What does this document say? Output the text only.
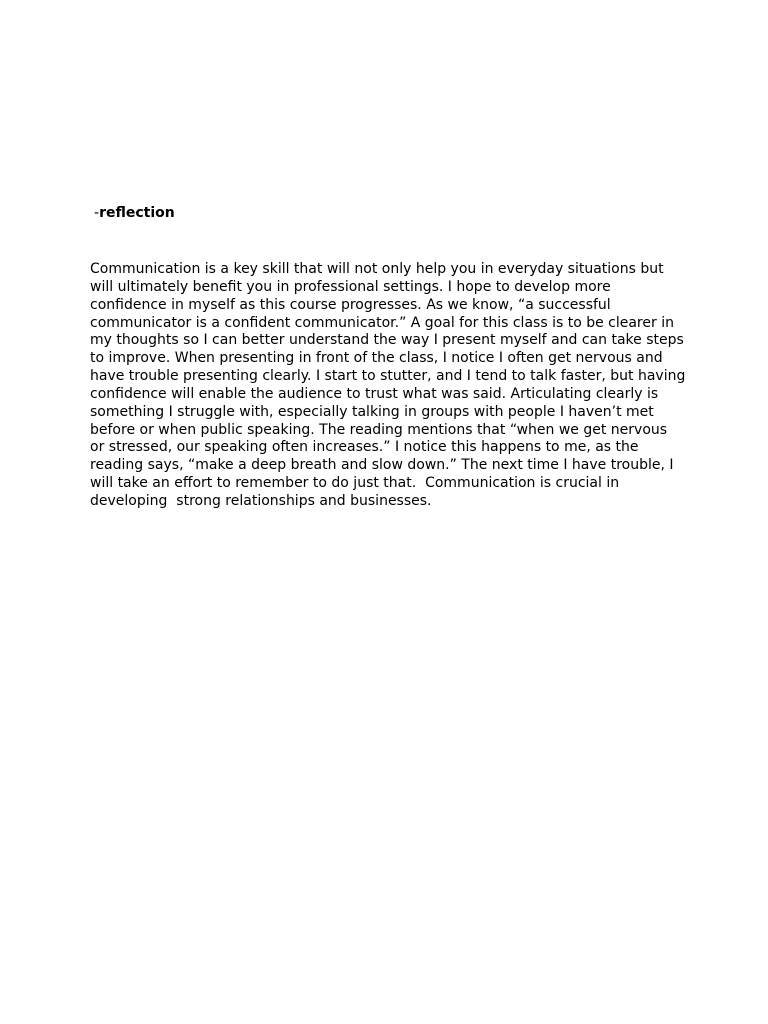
-reflection
Communication is a key skill that will not only help you in everyday situations but
will ultimately benefit you in professional settings. I hope to develop more
confidence in myself as this course progresses. As we know, “a successful
communicator is a confident communicator.” A goal for this class is to be clearer in
my thoughts so I can better understand the way I present myself and can take steps
to improve. When presenting in front of the class, I notice I often get nervous and
have trouble presenting clearly. I start to stutter, and I tend to talk faster, but having
confidence will enable the audience to trust what was said. Articulating clearly is
something I struggle with, especially talking in groups with people I haven’t met
before or when public speaking. The reading mentions that “when we get nervous
or stressed, our speaking often increases.” I notice this happens to me, as the
reading says, “make a deep breath and slow down.” The next time I have trouble, I
will take an effort to remember to do just that.  Communication is crucial in
developing  strong relationships and businesses.
